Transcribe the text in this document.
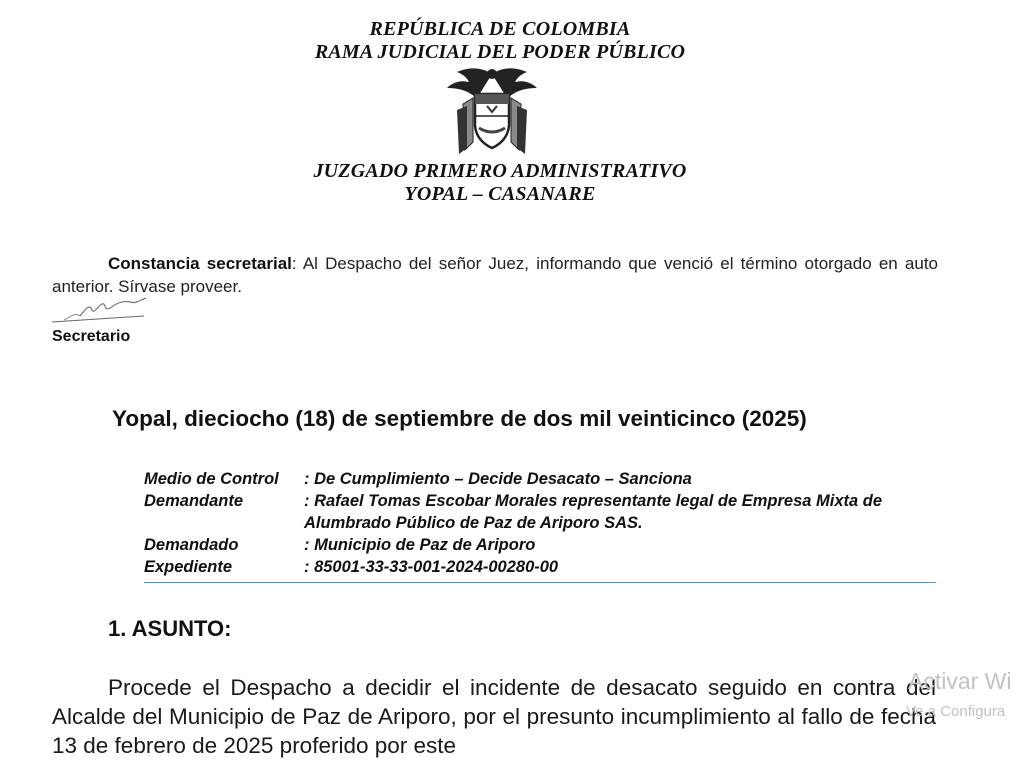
REPÚBLICA DE COLOMBIA
RAMA JUDICIAL DEL PODER PÚBLICO
JUZGADO PRIMERO ADMINISTRATIVO
YOPAL – CASANARE
Constancia secretarial: Al Despacho del señor Juez, informando que venció el término otorgado en auto anterior. Sírvase proveer.
Secretario
Yopal, dieciocho (18) de septiembre de dos mil veinticinco (2025)
Medio de Control	: De Cumplimiento – Decide Desacato – Sanciona
Demandante	: Rafael Tomas Escobar Morales representante legal de Empresa Mixta de Alumbrado Público de Paz de Ariporo SAS.
Demandado	: Municipio de Paz de Ariporo
Expediente	: 85001-33-33-001-2024-00280-00
1. ASUNTO:
Procede el Despacho a decidir el incidente de desacato seguido en contra del Alcalde del Municipio de Paz de Ariporo, por el presunto incumplimiento al fallo de fecha 13 de febrero de 2025 proferido por este
Activar Wi
Ve a Configura
